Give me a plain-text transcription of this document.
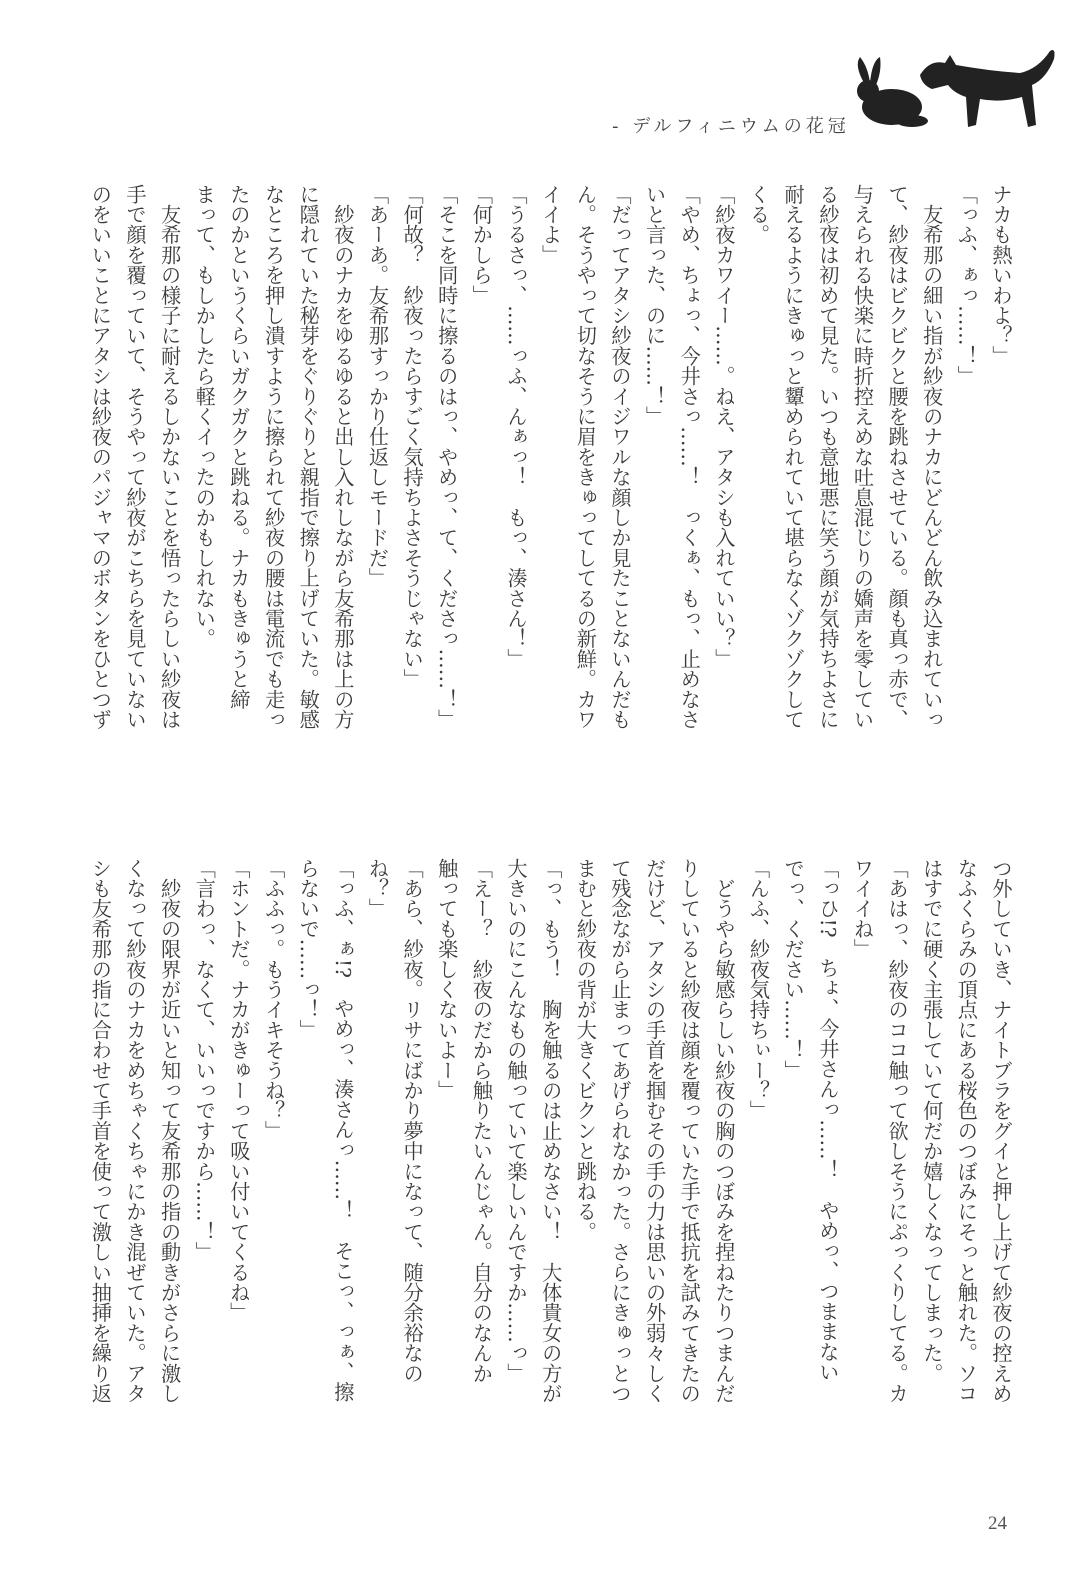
- デルフィニウムの花冠
ナカも熱いわよ？」
「っふ、ぁっ……！」
　友希那の細い指が紗夜のナカにどんどん飲み込まれていっ
て、紗夜はビクビクと腰を跳ねさせている。顔も真っ赤で、
与えられる快楽に時折控えめな吐息混じりの嬌声を零してい
る紗夜は初めて見た。いつも意地悪に笑う顔が気持ちよさに
耐えるようにきゅっと顰められていて堪らなくゾクゾクして
くる。
「紗夜カワイー……。ねえ、アタシも入れていい？」
「やめ、ちょっ、今井さっ……！　っくぁ、もっ、止めなさ
いと言った、のに……！」
「だってアタシ紗夜のイジワルな顔しか見たことないんだも
ん。そうやって切なそうに眉をきゅってしてるの新鮮。カワ
イイよ」
「うるさっ、……っふ、んぁっ！　もっ、湊さん！」
「何かしら」
「そこを同時に擦るのはっ、やめっ、て、くださっ……！」
「何故？　紗夜ったらすごく気持ちよさそうじゃない」
「あーあ。友希那すっかり仕返しモードだ」
　紗夜のナカをゆるゆると出し入れしながら友希那は上の方
に隠れていた秘芽をぐりぐりと親指で擦り上げていた。敏感
なところを押し潰すように擦られて紗夜の腰は電流でも走っ
たのかというくらいガクガクと跳ねる。ナカもきゅうと締
まって、もしかしたら軽くイったのかもしれない。
　友希那の様子に耐えるしかないことを悟ったらしい紗夜は
手で顔を覆っていて、そうやって紗夜がこちらを見ていない
のをいいことにアタシは紗夜のパジャマのボタンをひとつず
つ外していき、ナイトブラをグイと押し上げて紗夜の控えめ
なふくらみの頂点にある桜色のつぼみにそっと触れた。ソコ
はすでに硬く主張していて何だか嬉しくなってしまった。
「あはっ、紗夜のココ触って欲しそうにぷっくりしてる。カ
ワイイね」
「っひ!?　ちょ、今井さんっ……！　やめっ、つままない
でっ、ください……！」
「んふ、紗夜気持ちぃー？」
　どうやら敏感らしい紗夜の胸のつぼみを捏ねたりつまんだ
りしていると紗夜は顔を覆っていた手で抵抗を試みてきたの
だけど、アタシの手首を掴むその手の力は思いの外弱々しく
て残念ながら止まってあげられなかった。さらにきゅっとつ
まむと紗夜の背が大きくビクンと跳ねる。
「っ、もう！　胸を触るのは止めなさい！　大体貴女の方が
大きいのにこんなもの触っていて楽しいんですか……っ」
「えー？　紗夜のだから触りたいんじゃん。自分のなんか
触っても楽しくないよー」
「あら、紗夜。リサにばかり夢中になって、随分余裕なの
ね？」
「っふ、ぁ!?　やめっ、湊さんっ……！　そこっ、っぁ、擦
らないで……っ！」
「ふふっ。もうイキそうね？」
「ホントだ。ナカがきゅーって吸い付いてくるね」
「言わっ、なくて、いいっですから……！」
　紗夜の限界が近いと知って友希那の指の動きがさらに激し
くなって紗夜のナカをめちゃくちゃにかき混ぜていた。アタ
シも友希那の指に合わせて手首を使って激しい抽挿を繰り返
24
